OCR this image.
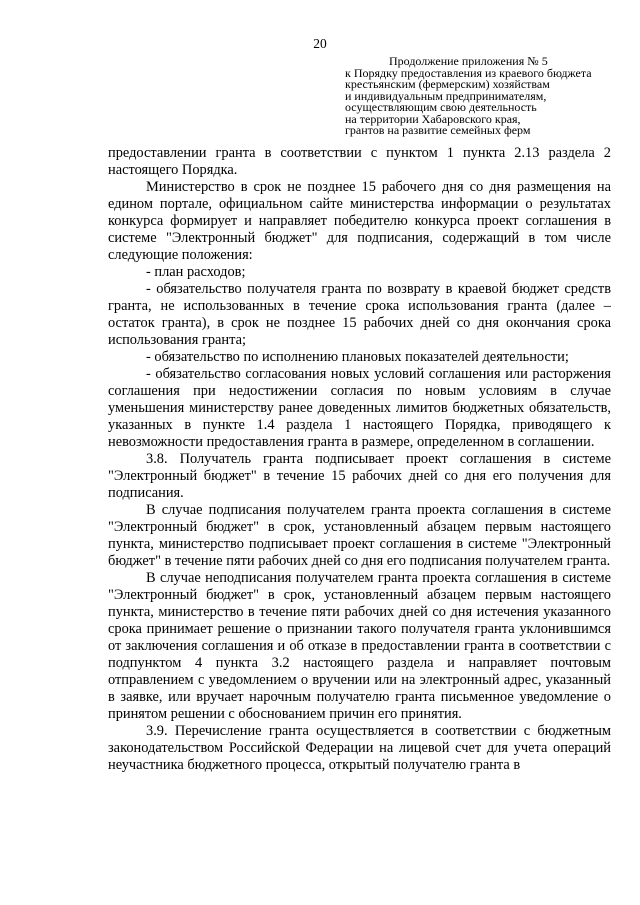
20
Продолжение приложения № 5
к Порядку предоставления из краевого бюджета
крестьянским (фермерским) хозяйствам
и индивидуальным предпринимателям,
осуществляющим свою деятельность
на территории Хабаровского края,
грантов на развитие семейных ферм

предоставлении гранта в соответствии с пунктом 1 пункта 2.13 раздела 2 настоящего Порядка.

Министерство в срок не позднее 15 рабочего дня со дня размещения на едином портале, официальном сайте министерства информации о результатах конкурса формирует и направляет победителю конкурса проект соглашения в системе "Электронный бюджет" для подписания, содержащий в том числе следующие положения:

- план расходов;

- обязательство получателя гранта по возврату в краевой бюджет средств гранта, не использованных в течение срока использования гранта (далее – остаток гранта), в срок не позднее 15 рабочих дней со дня окончания срока использования гранта;

- обязательство по исполнению плановых показателей деятельности;

- обязательство согласования новых условий соглашения или расторжения соглашения при недостижении согласия по новым условиям в случае уменьшения министерству ранее доведенных лимитов бюджетных обязательств, указанных в пункте 1.4 раздела 1 настоящего Порядка, приводящего к невозможности предоставления гранта в размере, определенном в соглашении.

3.8. Получатель гранта подписывает проект соглашения в системе "Электронный бюджет" в течение 15 рабочих дней со дня его получения для подписания.

В случае подписания получателем гранта проекта соглашения в системе "Электронный бюджет" в срок, установленный абзацем первым настоящего пункта, министерство подписывает проект соглашения в системе "Электронный бюджет" в течение пяти рабочих дней со дня его подписания получателем гранта.

В случае неподписания получателем гранта проекта соглашения в системе "Электронный бюджет" в срок, установленный абзацем первым настоящего пункта, министерство в течение пяти рабочих дней со дня истечения указанного срока принимает решение о признании такого получателя гранта уклонившимся от заключения соглашения и об отказе в предоставлении гранта в соответствии с подпунктом 4 пункта 3.2 настоящего раздела и направляет почтовым отправлением с уведомлением о вручении или на электронный адрес, указанный в заявке, или вручает нарочным получателю гранта письменное уведомление о принятом решении с обоснованием причин его принятия.

3.9. Перечисление гранта осуществляется в соответствии с бюджетным законодательством Российской Федерации на лицевой счет для учета операций неучастника бюджетного процесса, открытый получателю гранта в
